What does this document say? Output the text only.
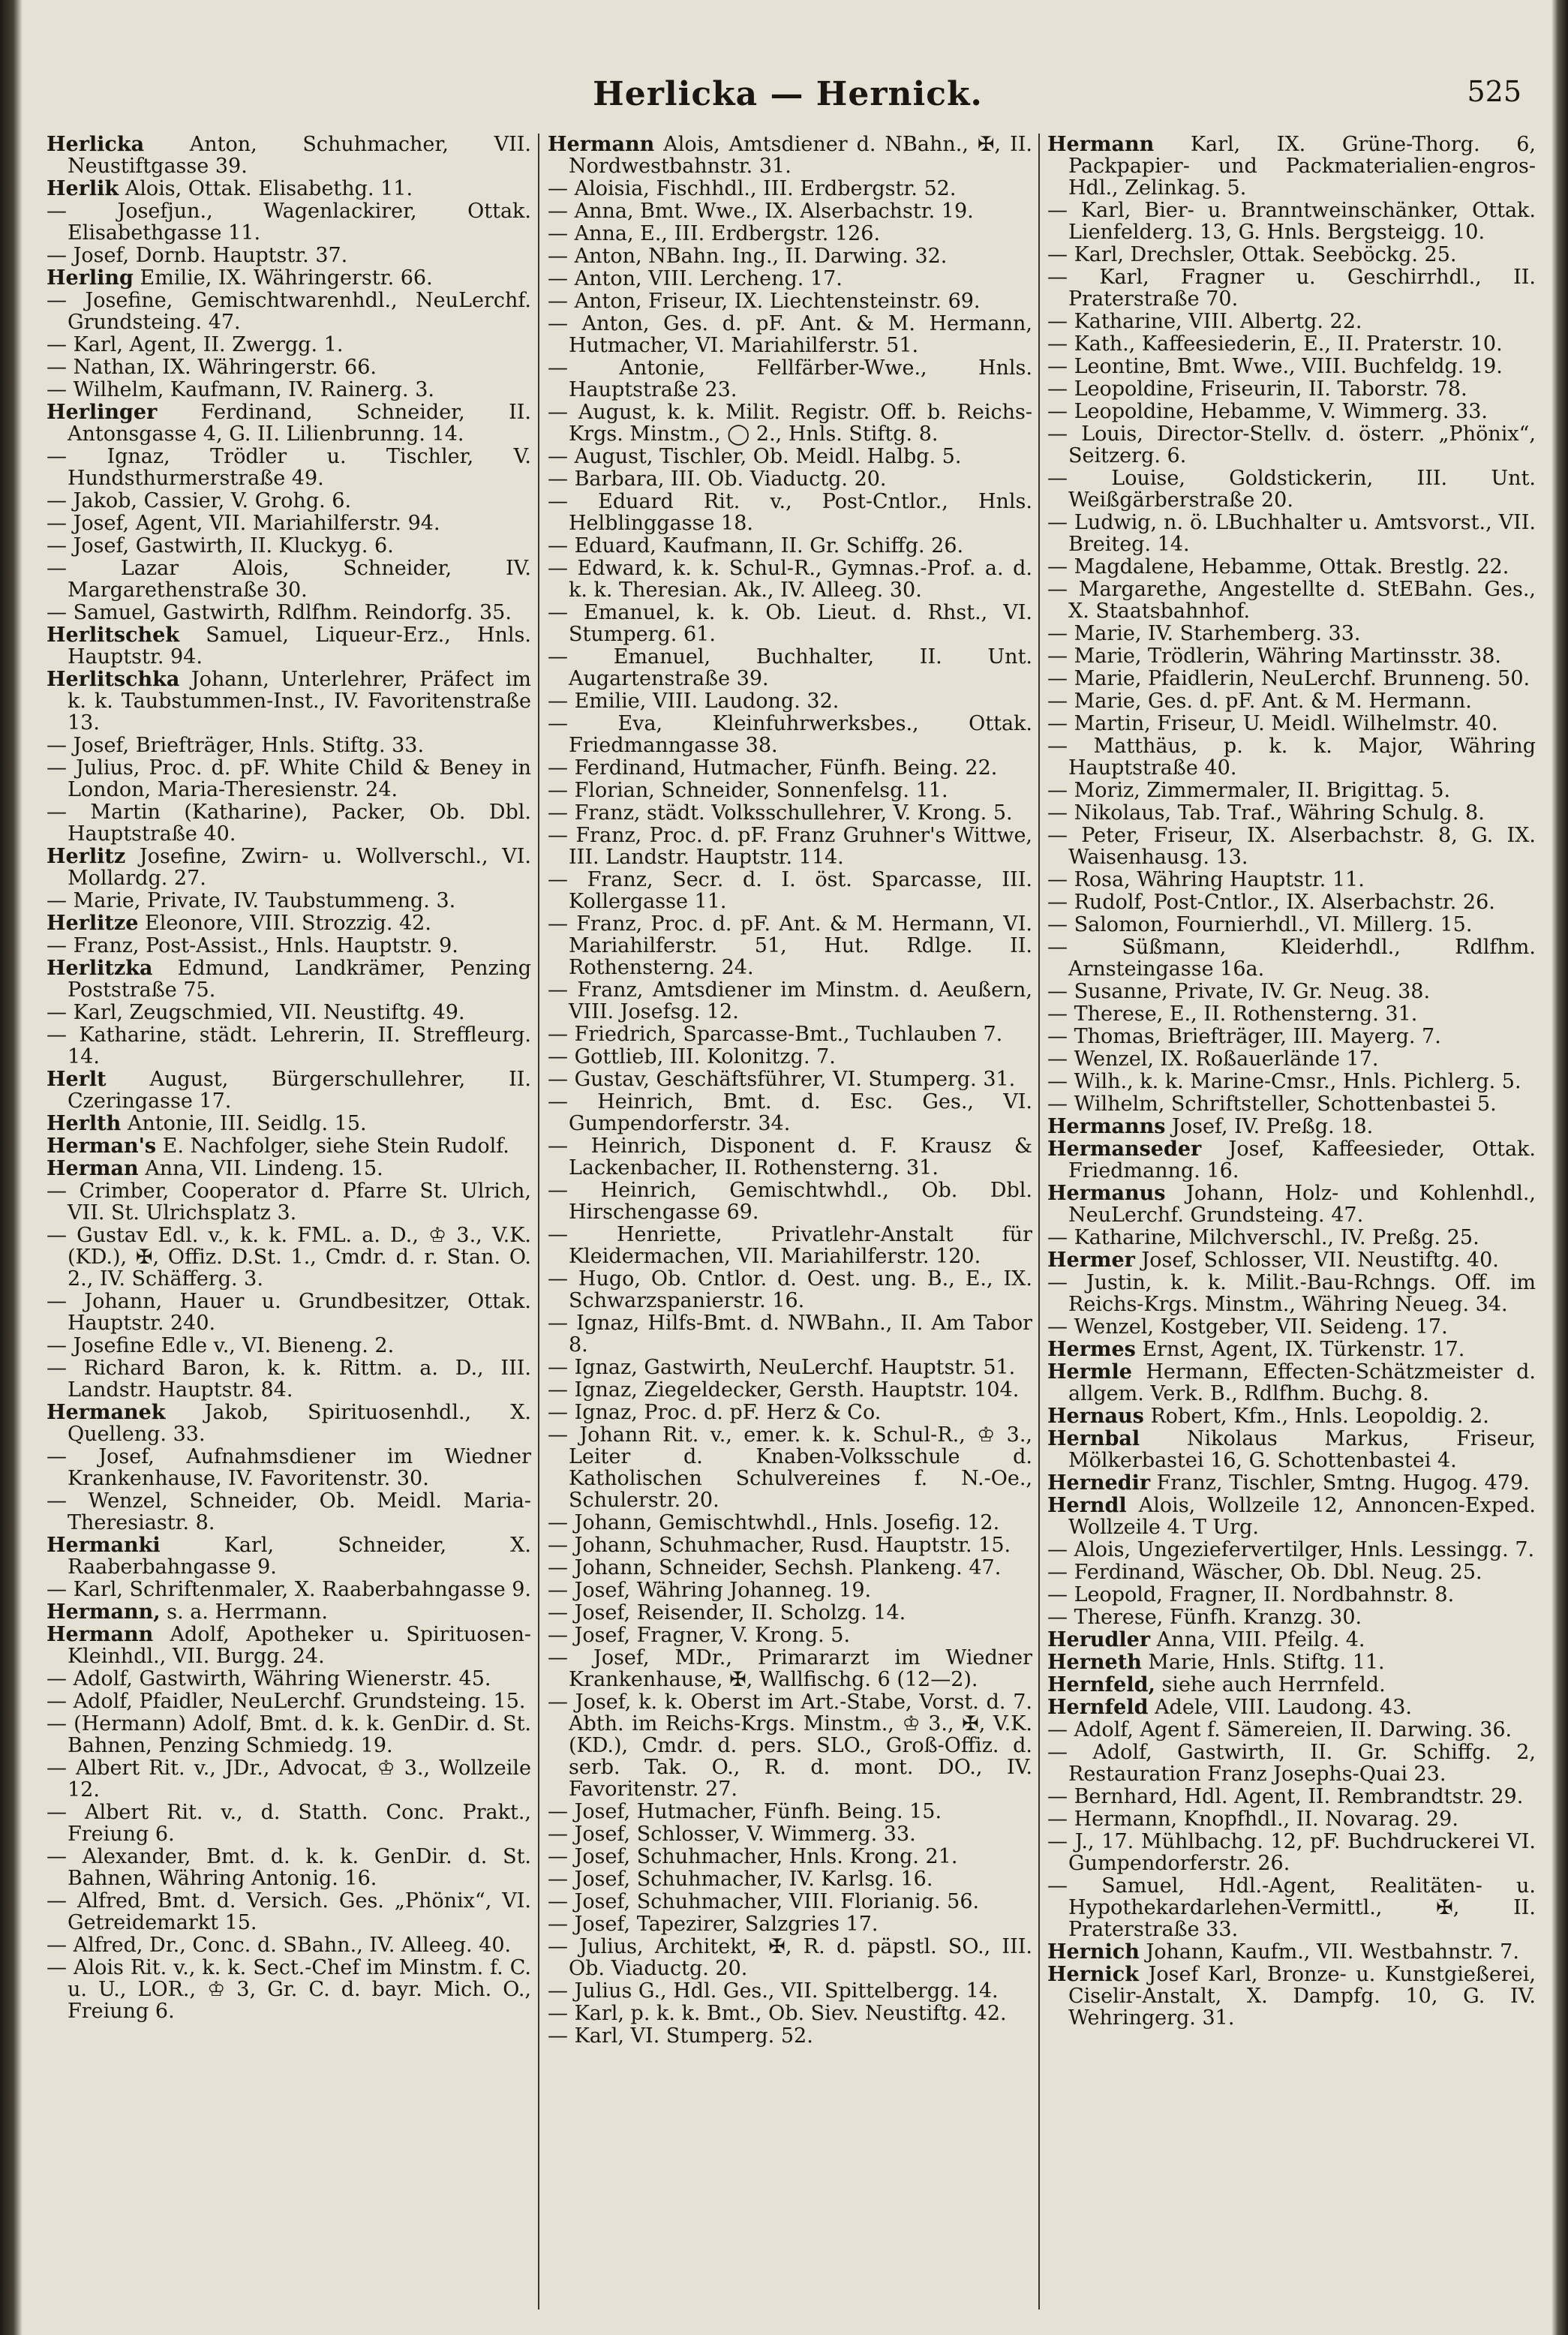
Herlicka — Hernick.	525
Herlicka Anton, Schuhmacher, VII. Neustiftgasse 39.
Herlik Alois, Ottak. Elisabethg. 11.
— Josefjun., Wagenlackirer, Ottak. Elisabethgasse 11.
— Josef, Dornb. Hauptstr. 37.
Herling Emilie, IX. Währingerstr. 66.
— Josefine, Gemischtwarenhdl., NeuLerchf. Grundsteing. 47.
— Karl, Agent, II. Zwergg. 1.
— Nathan, IX. Währingerstr. 66.
— Wilhelm, Kaufmann, IV. Rainerg. 3.
Herlinger Ferdinand, Schneider, II. Antonsgasse 4, G. II. Lilienbrunng. 14.
— Ignaz, Trödler u. Tischler, V. Hundsthurmerstraße 49.
— Jakob, Cassier, V. Grohg. 6.
— Josef, Agent, VII. Mariahilferstr. 94.
— Josef, Gastwirth, II. Kluckyg. 6.
— Lazar Alois, Schneider, IV. Margarethenstraße 30.
— Samuel, Gastwirth, Rdlfhm. Reindorfg. 35.
Herlitschek Samuel, Liqueur-Erz., Hnls. Hauptstr. 94.
Herlitschka Johann, Unterlehrer, Präfect im k. k. Taubstummen-Inst., IV. Favoritenstraße 13.
— Josef, Briefträger, Hnls. Stiftg. 33.
— Julius, Proc. d. pF. White Child & Beney in London, Maria-Theresienstr. 24.
— Martin (Katharine), Packer, Ob. Dbl. Hauptstraße 40.
Herlitz Josefine, Zwirn- u. Wollverschl., VI. Mollardg. 27.
— Marie, Private, IV. Taubstummeng. 3.
Herlitze Eleonore, VIII. Strozzig. 42.
— Franz, Post-Assist., Hnls. Hauptstr. 9.
Herlitzka Edmund, Landkrämer, Penzing Poststraße 75.
— Karl, Zeugschmied, VII. Neustiftg. 49.
— Katharine, städt. Lehrerin, II. Streffleurg. 14.
Herlt August, Bürgerschullehrer, II. Czeringasse 17.
Herlth Antonie, III. Seidlg. 15.
Herman's E. Nachfolger, siehe Stein Rudolf.
Herman Anna, VII. Lindeng. 15.
— Crimber, Cooperator d. Pfarre St. Ulrich, VII. St. Ulrichsplatz 3.
— Gustav Edl. v., k. k. FML. a. D., ♔ 3., V.K. (KD.), ✠, Offiz. D.St. 1., Cmdr. d. r. Stan. O. 2., IV. Schäfferg. 3.
— Johann, Hauer u. Grundbesitzer, Ottak. Hauptstr. 240.
— Josefine Edle v., VI. Bieneng. 2.
— Richard Baron, k. k. Rittm. a. D., III. Landstr. Hauptstr. 84.
Hermanek Jakob, Spirituosenhdl., X. Quelleng. 33.
— Josef, Aufnahmsdiener im Wiedner Krankenhause, IV. Favoritenstr. 30.
— Wenzel, Schneider, Ob. Meidl. Maria-Theresiastr. 8.
Hermanki Karl, Schneider, X. Raaberbahngasse 9.
— Karl, Schriftenmaler, X. Raaberbahngasse 9.
Hermann, s. a. Herrmann.
Hermann Adolf, Apotheker u. Spirituosen-Kleinhdl., VII. Burgg. 24.
— Adolf, Gastwirth, Währing Wienerstr. 45.
— Adolf, Pfaidler, NeuLerchf. Grundsteing. 15.
— (Hermann) Adolf, Bmt. d. k. k. GenDir. d. St. Bahnen, Penzing Schmiedg. 19.
— Albert Rit. v., JDr., Advocat, ♔ 3., Wollzeile 12.
— Albert Rit. v., d. Statth. Conc. Prakt., Freiung 6.
— Alexander, Bmt. d. k. k. GenDir. d. St. Bahnen, Währing Antonig. 16.
— Alfred, Bmt. d. Versich. Ges. „Phönix“, VI. Getreidemarkt 15.
— Alfred, Dr., Conc. d. SBahn., IV. Alleeg. 40.
— Alois Rit. v., k. k. Sect.-Chef im Minstm. f. C. u. U., LOR., ♔ 3, Gr. C. d. bayr. Mich. O., Freiung 6.
Hermann Alois, Amtsdiener d. NBahn., ✠, II. Nordwestbahnstr. 31.
— Aloisia, Fischhdl., III. Erdbergstr. 52.
— Anna, Bmt. Wwe., IX. Alserbachstr. 19.
— Anna, E., III. Erdbergstr. 126.
— Anton, NBahn. Ing., II. Darwing. 32.
— Anton, VIII. Lercheng. 17.
— Anton, Friseur, IX. Liechtensteinstr. 69.
— Anton, Ges. d. pF. Ant. & M. Hermann, Hutmacher, VI. Mariahilferstr. 51.
— Antonie, Fellfärber-Wwe., Hnls. Hauptstraße 23.
— August, k. k. Milit. Registr. Off. b. Reichs-Krgs. Minstm., ◯ 2., Hnls. Stiftg. 8.
— August, Tischler, Ob. Meidl. Halbg. 5.
— Barbara, III. Ob. Viaductg. 20.
— Eduard Rit. v., Post-Cntlor., Hnls. Helblinggasse 18.
— Eduard, Kaufmann, II. Gr. Schiffg. 26.
— Edward, k. k. Schul-R., Gymnas.-Prof. a. d. k. k. Theresian. Ak., IV. Alleeg. 30.
— Emanuel, k. k. Ob. Lieut. d. Rhst., VI. Stumperg. 61.
— Emanuel, Buchhalter, II. Unt. Augartenstraße 39.
— Emilie, VIII. Laudong. 32.
— Eva, Kleinfuhrwerksbes., Ottak. Friedmanngasse 38.
— Ferdinand, Hutmacher, Fünfh. Being. 22.
— Florian, Schneider, Sonnenfelsg. 11.
— Franz, städt. Volksschullehrer, V. Krong. 5.
— Franz, Proc. d. pF. Franz Gruhner's Wittwe, III. Landstr. Hauptstr. 114.
— Franz, Secr. d. I. öst. Sparcasse, III. Kollergasse 11.
— Franz, Proc. d. pF. Ant. & M. Hermann, VI. Mariahilferstr. 51, Hut. Rdlge. II. Rothensterng. 24.
— Franz, Amtsdiener im Minstm. d. Aeußern, VIII. Josefsg. 12.
— Friedrich, Sparcasse-Bmt., Tuchlauben 7.
— Gottlieb, III. Kolonitzg. 7.
— Gustav, Geschäftsführer, VI. Stumperg. 31.
— Heinrich, Bmt. d. Esc. Ges., VI. Gumpendorferstr. 34.
— Heinrich, Disponent d. F. Krausz & Lackenbacher, II. Rothensterng. 31.
— Heinrich, Gemischtwhdl., Ob. Dbl. Hirschengasse 69.
— Henriette, Privatlehr-Anstalt für Kleidermachen, VII. Mariahilferstr. 120.
— Hugo, Ob. Cntlor. d. Oest. ung. B., E., IX. Schwarzspanierstr. 16.
— Ignaz, Hilfs-Bmt. d. NWBahn., II. Am Tabor 8.
— Ignaz, Gastwirth, NeuLerchf. Hauptstr. 51.
— Ignaz, Ziegeldecker, Gersth. Hauptstr. 104.
— Ignaz, Proc. d. pF. Herz & Co.
— Johann Rit. v., emer. k. k. Schul-R., ♔ 3., Leiter d. Knaben-Volksschule d. Katholischen Schulvereines f. N.-Oe., Schulerstr. 20.
— Johann, Gemischtwhdl., Hnls. Josefig. 12.
— Johann, Schuhmacher, Rusd. Hauptstr. 15.
— Johann, Schneider, Sechsh. Plankeng. 47.
— Josef, Währing Johanneg. 19.
— Josef, Reisender, II. Scholzg. 14.
— Josef, Fragner, V. Krong. 5.
— Josef, MDr., Primararzt im Wiedner Krankenhause, ✠, Wallfischg. 6 (12—2).
— Josef, k. k. Oberst im Art.-Stabe, Vorst. d. 7. Abth. im Reichs-Krgs. Minstm., ♔ 3., ✠, V.K. (KD.), Cmdr. d. pers. SLO., Groß-Offiz. d. serb. Tak. O., R. d. mont. DO., IV. Favoritenstr. 27.
— Josef, Hutmacher, Fünfh. Being. 15.
— Josef, Schlosser, V. Wimmerg. 33.
— Josef, Schuhmacher, Hnls. Krong. 21.
— Josef, Schuhmacher, IV. Karlsg. 16.
— Josef, Schuhmacher, VIII. Florianig. 56.
— Josef, Tapezirer, Salzgries 17.
— Julius, Architekt, ✠, R. d. päpstl. SO., III. Ob. Viaductg. 20.
— Julius G., Hdl. Ges., VII. Spittelbergg. 14.
— Karl, p. k. k. Bmt., Ob. Siev. Neustiftg. 42.
— Karl, VI. Stumperg. 52.
Hermann Karl, IX. Grüne-Thorg. 6, Packpapier- und Packmaterialien-engros-Hdl., Zelinkag. 5.
— Karl, Bier- u. Branntweinschänker, Ottak. Lienfelderg. 13, G. Hnls. Bergsteigg. 10.
— Karl, Drechsler, Ottak. Seeböckg. 25.
— Karl, Fragner u. Geschirrhdl., II. Praterstraße 70.
— Katharine, VIII. Albertg. 22.
— Kath., Kaffeesiederin, E., II. Praterstr. 10.
— Leontine, Bmt. Wwe., VIII. Buchfeldg. 19.
— Leopoldine, Friseurin, II. Taborstr. 78.
— Leopoldine, Hebamme, V. Wimmerg. 33.
— Louis, Director-Stellv. d. österr. „Phönix“, Seitzerg. 6.
— Louise, Goldstickerin, III. Unt. Weißgärberstraße 20.
— Ludwig, n. ö. LBuchhalter u. Amtsvorst., VII. Breiteg. 14.
— Magdalene, Hebamme, Ottak. Brestlg. 22.
— Margarethe, Angestellte d. StEBahn. Ges., X. Staatsbahnhof.
— Marie, IV. Starhemberg. 33.
— Marie, Trödlerin, Währing Martinsstr. 38.
— Marie, Pfaidlerin, NeuLerchf. Brunneng. 50.
— Marie, Ges. d. pF. Ant. & M. Hermann.
— Martin, Friseur, U. Meidl. Wilhelmstr. 40.
— Matthäus, p. k. k. Major, Währing Hauptstraße 40.
— Moriz, Zimmermaler, II. Brigittag. 5.
— Nikolaus, Tab. Traf., Währing Schulg. 8.
— Peter, Friseur, IX. Alserbachstr. 8, G. IX. Waisenhausg. 13.
— Rosa, Währing Hauptstr. 11.
— Rudolf, Post-Cntlor., IX. Alserbachstr. 26.
— Salomon, Fournierhdl., VI. Millerg. 15.
— Süßmann, Kleiderhdl., Rdlfhm. Arnsteingasse 16a.
— Susanne, Private, IV. Gr. Neug. 38.
— Therese, E., II. Rothensterng. 31.
— Thomas, Briefträger, III. Mayerg. 7.
— Wenzel, IX. Roßauerlände 17.
— Wilh., k. k. Marine-Cmsr., Hnls. Pichlerg. 5.
— Wilhelm, Schriftsteller, Schottenbastei 5.
Hermanns Josef, IV. Preßg. 18.
Hermanseder Josef, Kaffeesieder, Ottak. Friedmanng. 16.
Hermanus Johann, Holz- und Kohlenhdl., NeuLerchf. Grundsteing. 47.
— Katharine, Milchverschl., IV. Preßg. 25.
Hermer Josef, Schlosser, VII. Neustiftg. 40.
— Justin, k. k. Milit.-Bau-Rchngs. Off. im Reichs-Krgs. Minstm., Währing Neueg. 34.
— Wenzel, Kostgeber, VII. Seideng. 17.
Hermes Ernst, Agent, IX. Türkenstr. 17.
Hermle Hermann, Effecten-Schätzmeister d. allgem. Verk. B., Rdlfhm. Buchg. 8.
Hernaus Robert, Kfm., Hnls. Leopoldig. 2.
Hernbal Nikolaus Markus, Friseur, Mölkerbastei 16, G. Schottenbastei 4.
Hernedir Franz, Tischler, Smtng. Hugog. 479.
Herndl Alois, Wollzeile 12, Annoncen-Exped. Wollzeile 4. T Urg.
— Alois, Ungeziefervertilger, Hnls. Lessingg. 7.
— Ferdinand, Wäscher, Ob. Dbl. Neug. 25.
— Leopold, Fragner, II. Nordbahnstr. 8.
— Therese, Fünfh. Kranzg. 30.
Herudler Anna, VIII. Pfeilg. 4.
Herneth Marie, Hnls. Stiftg. 11.
Hernfeld, siehe auch Herrnfeld.
Hernfeld Adele, VIII. Laudong. 43.
— Adolf, Agent f. Sämereien, II. Darwing. 36.
— Adolf, Gastwirth, II. Gr. Schiffg. 2, Restauration Franz Josephs-Quai 23.
— Bernhard, Hdl. Agent, II. Rembrandtstr. 29.
— Hermann, Knopfhdl., II. Novarag. 29.
— J., 17. Mühlbachg. 12, pF. Buchdruckerei VI. Gumpendorferstr. 26.
— Samuel, Hdl.-Agent, Realitäten- u. Hypothekardarlehen-Vermittl., ✠, II. Praterstraße 33.
Hernich Johann, Kaufm., VII. Westbahnstr. 7.
Hernick Josef Karl, Bronze- u. Kunstgießerei, Ciselir-Anstalt, X. Dampfg. 10, G. IV. Wehringerg. 31.
